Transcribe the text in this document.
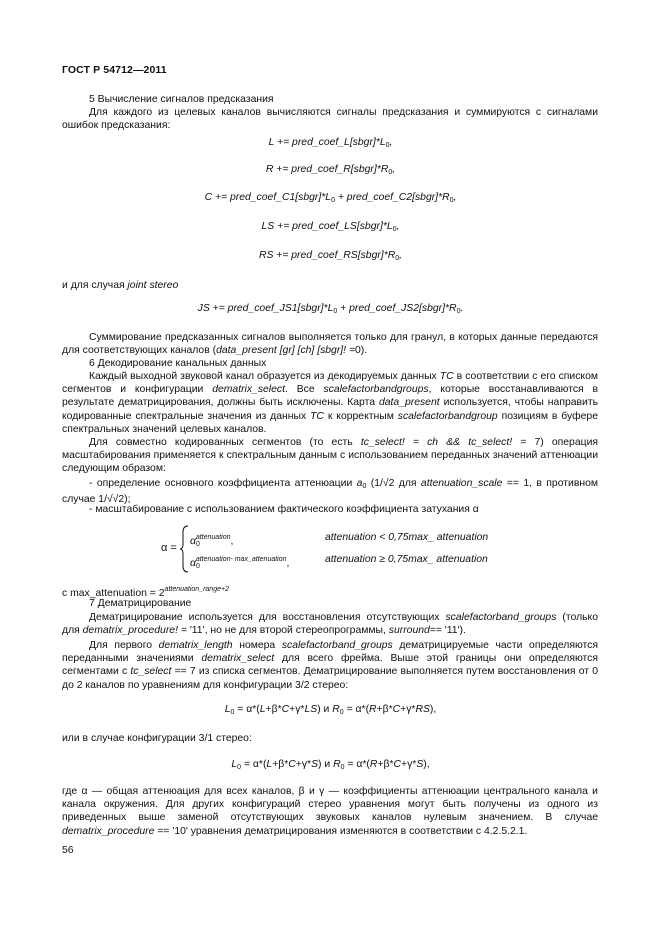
ГОСТ Р 54712—2011
5 Вычисление сигналов предсказания
Для каждого из целевых каналов вычисляются сигналы предсказания и суммируются с сигналами ошибок предсказания:
$L += pred\_coef\_L[sbgr]*L_0$,
$R += pred\_coef\_R[sbgr]*R_0$,
$C += pred\_coef\_C1[sbgr]*L_0$ + $pred\_coef\_C2[sbgr]*R_0$,
LS += $pred\_coef\_LS[sbgr]*L_0$,
RS += $pred\_coef\_RS[sbgr]*R_0$,
и для случая joint stereo
JS += $pred\_coef\_JS1[sbgr]*L_0$ + $pred\_coef\_JS2[sbgr]*R_0$.
Суммирование предсказанных сигналов выполняется только для гранул, в которых данные передаются для соответствующих каналов (data_present [gr] [ch] [sbgr]! =0).
6 Декодирование канальных данных
Каждый выходной звуковой канал образуется из декодируемых данных TC в соответствии с его списком сегментов и конфигурации dematrix_select. Все scalefactorbandgroups, которые восстанавливаются в результате дематрицирования, должны быть исключены. Карта data_present используется, чтобы направить кодированные спектральные значения из данных TC к корректным scalefactorbandgroup позициям в буфере спектральных значений целевых каналов.
Для совместно кодированных сегментов (то есть tc_select! = ch && tc_select! = 7) операция масштабирования применяется к спектральным данным с использованием переданных значений аттенюации следующим образом:
- определение основного коэффициента аттенюации $a_0$ (1/√2 для attenuation_scale == 1, в противном случае 1/√√2);
- масштабирование с использованием фактического коэффициента затухания α
α =
$\alpha_0^{attenuation}$,	attenuation < 0,75max_ attenuation
$\alpha_0^{attenuation- max\_attenuation}$,	attenuation ≥ 0,75max_ attenuation
с max_attenuation = $2^{attenuation\_range+2}$
7 Дематрицирование
Дематрицирование используется для восстановления отсутствующих scalefactorband_groups (только для dematrix_procedure! = '11', но не для второй стереопрограммы, surround== '11').
Для первого dematrix_length номера scalefactorband_groups дематрицируемые части определяются переданными значениями dematrix_select для всего фрейма. Выше этой границы они определяются сегментами с tc_select == 7 из списка сегментов. Дематрицирование выполняется путем восстановления от 0 до 2 каналов по уравнениям для конфигурации 3/2 стерео:
$L_0 = \alpha*(L+\beta*C+\gamma*LS)$ и $R_0 = \alpha*(R+\beta*C+\gamma*RS)$,
или в случае конфигурации 3/1 стерео:
$L_0 = \alpha*(L+\beta*C+\gamma*S)$ и $R_0 = \alpha*(R+\beta*C+\gamma*S)$,
где α — общая аттенюация для всех каналов, β и γ — коэффициенты аттенюации центрального канала и канала окружения. Для других конфигураций стерео уравнения могут быть получены из одного из приведенных выше заменой отсутствующих звуковых каналов нулевым значением. В случае dematrix_procedure == '10' уравнения дематрицирования изменяются в соответствии с 4.2.5.2.1.
56
